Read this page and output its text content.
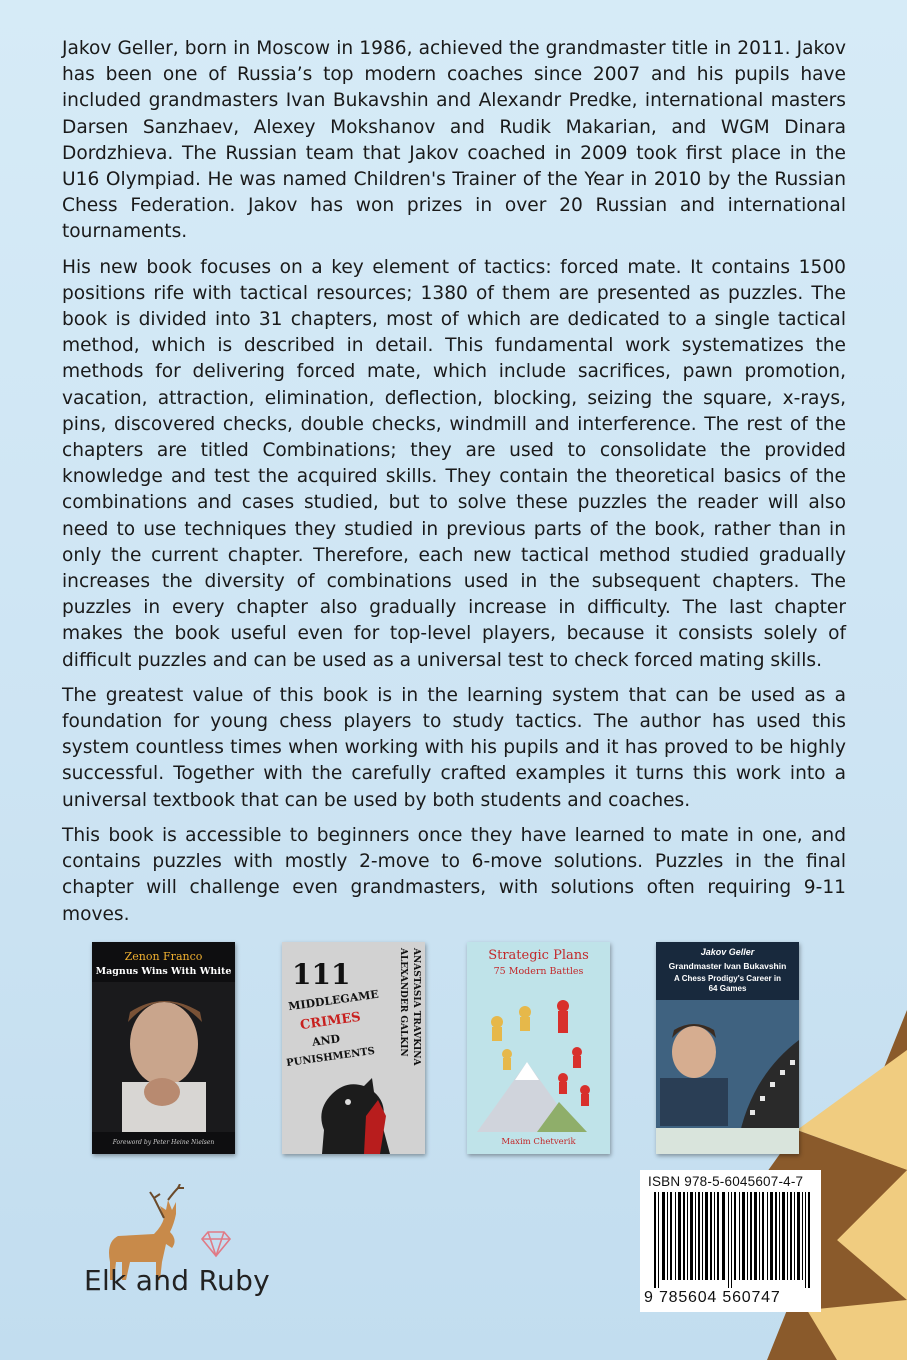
Jakov Geller, born in Moscow in 1986, achieved the grandmaster title in 2011. Jakov has been one of Russia’s top modern coaches since 2007 and his pupils have included grandmasters Ivan Bukavshin and Alexandr Predke, international masters Darsen Sanzhaev, Alexey Mokshanov and Rudik Makarian, and WGM Dinara Dordzhieva. The Russian team that Jakov coached in 2009 took first place in the U16 Olympiad. He was named Children's Trainer of the Year in 2010 by the Russian Chess Federation. Jakov has won prizes in over 20 Russian and international tournaments.

His new book focuses on a key element of tactics: forced mate. It contains 1500 positions rife with tactical resources; 1380 of them are presented as puzzles. The book is divided into 31 chapters, most of which are dedicated to a single tactical method, which is described in detail. This fundamental work systematizes the methods for delivering forced mate, which include sacrifices, pawn promotion, vacation, attraction, elimination, deflection, blocking, seizing the square, x-rays, pins, discovered checks, double checks, windmill and interference. The rest of the chapters are titled Combinations; they are used to consolidate the provided knowledge and test the acquired skills. They contain the theoretical basics of the combinations and cases studied, but to solve these puzzles the reader will also need to use techniques they studied in previous parts of the book, rather than in only the current chapter. Therefore, each new tactical method studied gradually increases the diversity of combinations used in the subsequent chapters. The puzzles in every chapter also gradually increase in difficulty. The last chapter makes the book useful even for top-level players, because it consists solely of difficult puzzles and can be used as a universal test to check forced mating skills.

The greatest value of this book is in the learning system that can be used as a foundation for young chess players to study tactics. The author has used this system countless times when working with his pupils and it has proved to be highly successful. Together with the carefully crafted examples it turns this work into a universal textbook that can be used by both students and coaches.

This book is accessible to beginners once they have learned to mate in one, and contains puzzles with mostly 2-move to 6-move solutions. Puzzles in the final chapter will challenge even grandmasters, with solutions often requiring 9-11 moves.

Zenon Franco
Magnus Wins With White
Foreword by Peter Heine Nielsen
111
MIDDLEGAME
CRIMES
AND
PUNISHMENTS
ALEXANDER GALKIN ANASTASIA TRAVKINA	Strategic Plans
75 Modern Battles
Maxim Chetverik
Jakov Geller
Grandmaster Ivan Bukavshin
A Chess Prodigy's Career in 64 Games
Elk and Ruby
ISBN 978-5-6045607-4-7
9 785604 560747
